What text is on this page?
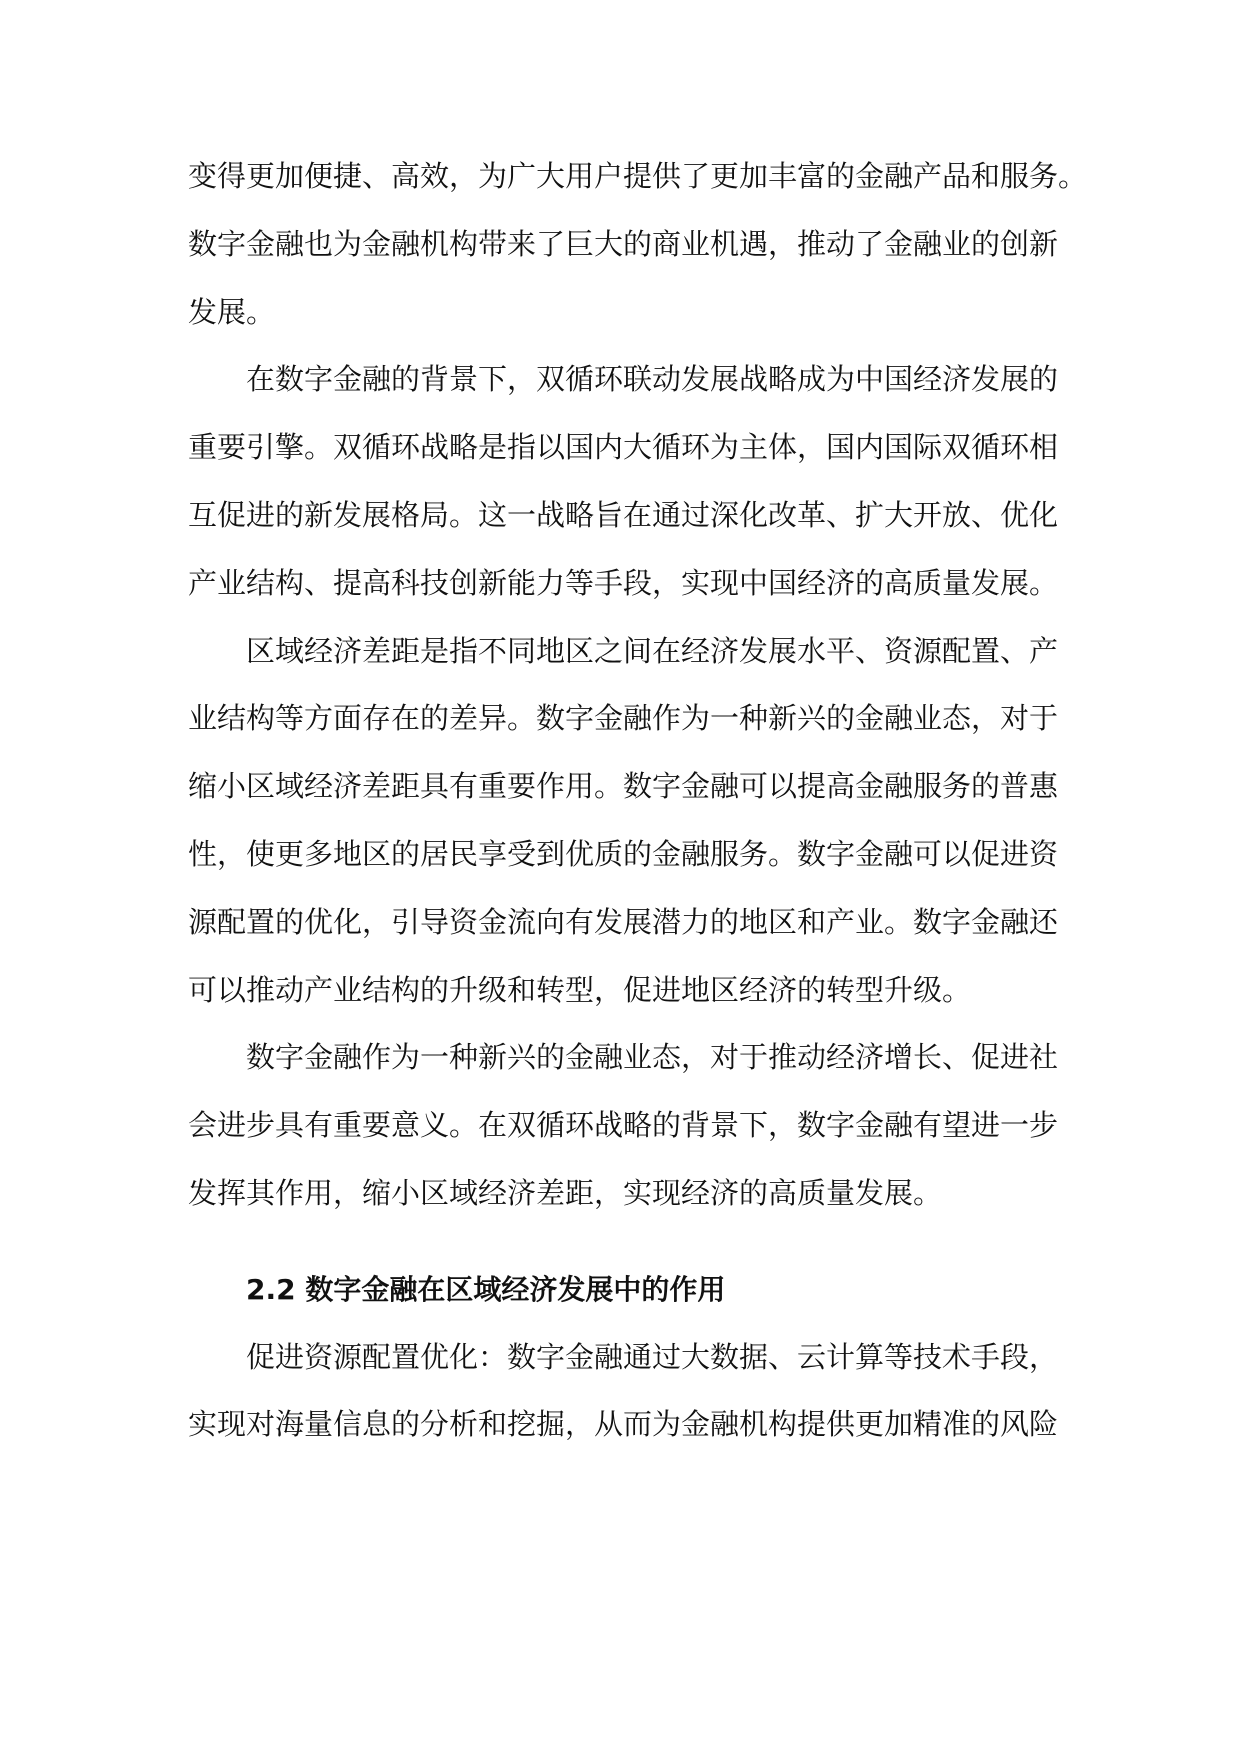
变得更加便捷、高效，为广大用户提供了更加丰富的金融产品和服务。
数字金融也为金融机构带来了巨大的商业机遇，推动了金融业的创新
发展。
在数字金融的背景下，双循环联动发展战略成为中国经济发展的
重要引擎。双循环战略是指以国内大循环为主体，国内国际双循环相
互促进的新发展格局。这一战略旨在通过深化改革、扩大开放、优化
产业结构、提高科技创新能力等手段，实现中国经济的高质量发展。
区域经济差距是指不同地区之间在经济发展水平、资源配置、产
业结构等方面存在的差异。数字金融作为一种新兴的金融业态，对于
缩小区域经济差距具有重要作用。数字金融可以提高金融服务的普惠
性，使更多地区的居民享受到优质的金融服务。数字金融可以促进资
源配置的优化，引导资金流向有发展潜力的地区和产业。数字金融还
可以推动产业结构的升级和转型，促进地区经济的转型升级。
数字金融作为一种新兴的金融业态，对于推动经济增长、促进社
会进步具有重要意义。在双循环战略的背景下，数字金融有望进一步
发挥其作用，缩小区域经济差距，实现经济的高质量发展。
2.2 数字金融在区域经济发展中的作用
促进资源配置优化：数字金融通过大数据、云计算等技术手段，
实现对海量信息的分析和挖掘，从而为金融机构提供更加精准的风险
